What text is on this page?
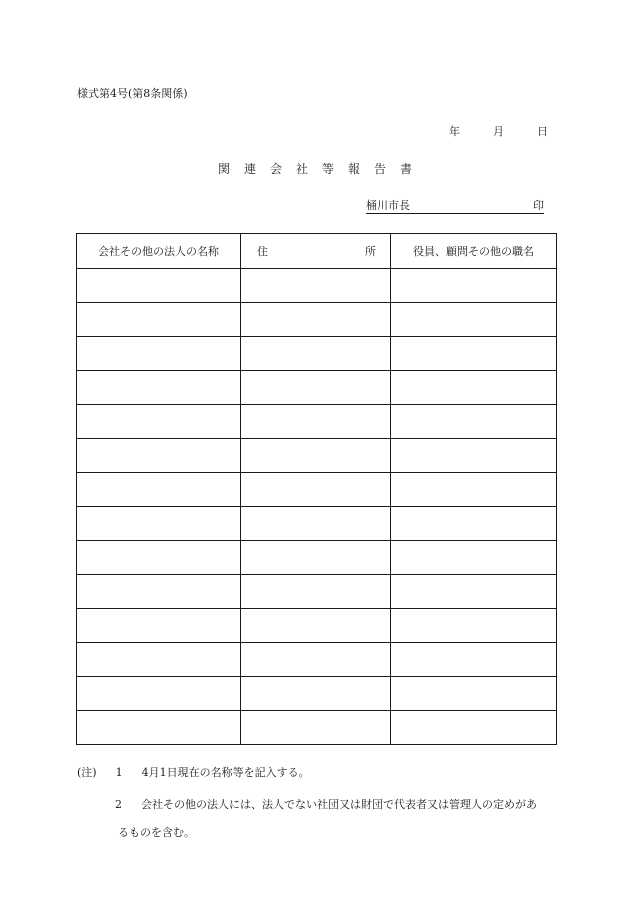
様式第4号(第8条関係)
年	月	日
関 連 会 社 等 報 告 書
桶川市長	印
会社その他の法人の名称	住 所	役員、顧問その他の職名

(注) 1 4月1日現在の名称等を記入する。
2 会社その他の法人には、法人でない社団又は財団で代表者又は管理人の定めがあ
るものを含む。
